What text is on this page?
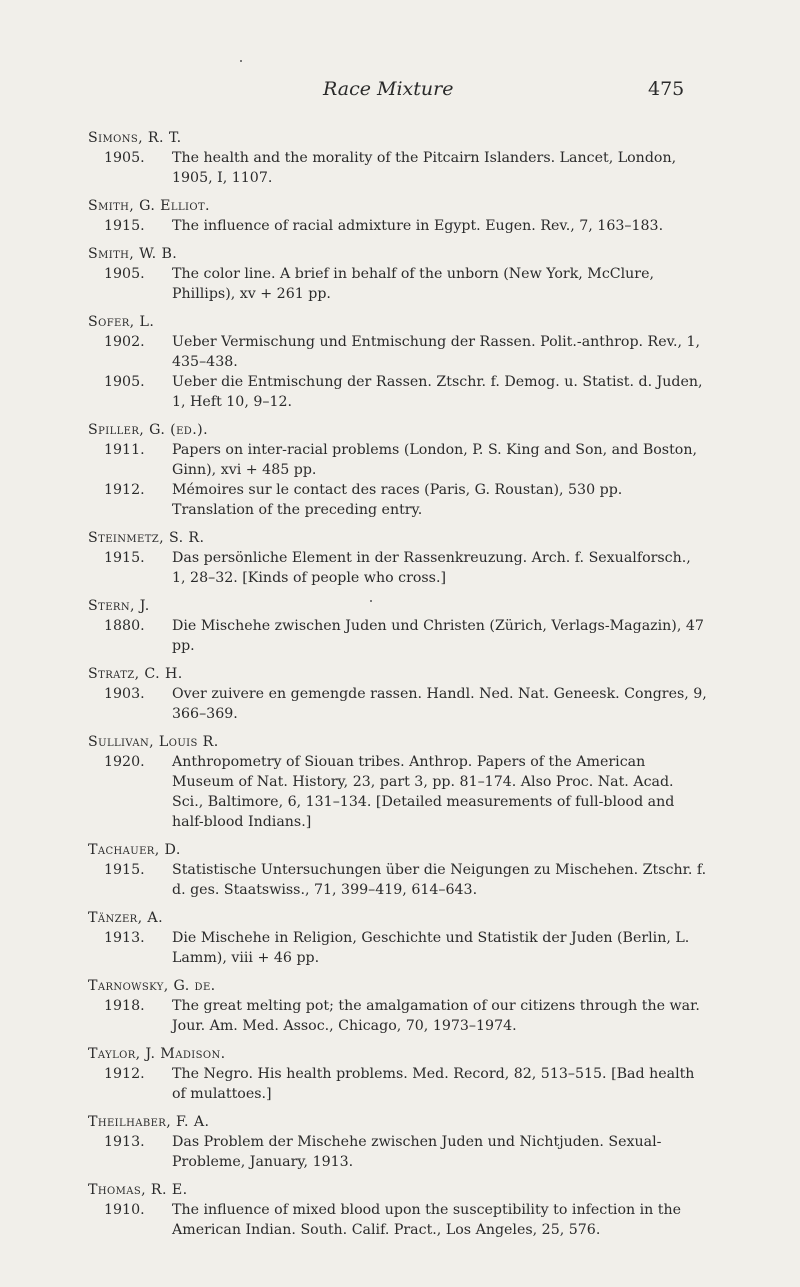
Race Mixture	475
Simons, R. T.
1905. The health and the morality of the Pitcairn Islanders. Lancet, London, 1905, I, 1107.
Smith, G. Elliot.
1915. The influence of racial admixture in Egypt. Eugen. Rev., 7, 163–183.
Smith, W. B.
1905. The color line. A brief in behalf of the unborn (New York, McClure, Phillips), xv + 261 pp.
Sofer, L.
1902. Ueber Vermischung und Entmischung der Rassen. Polit.-anthrop. Rev., 1, 435–438.
1905. Ueber die Entmischung der Rassen. Ztschr. f. Demog. u. Statist. d. Juden, 1, Heft 10, 9–12.
Spiller, G. (ed.).
1911. Papers on inter-racial problems (London, P. S. King and Son, and Boston, Ginn), xvi + 485 pp.
1912. Mémoires sur le contact des races (Paris, G. Roustan), 530 pp. Translation of the preceding entry.
Steinmetz, S. R.
1915. Das persönliche Element in der Rassenkreuzung. Arch. f. Sexualforsch., 1, 28–32. [Kinds of people who cross.]
Stern, J.
1880. Die Mischehe zwischen Juden und Christen (Zürich, Verlags-Magazin), 47 pp.
Stratz, C. H.
1903. Over zuivere en gemengde rassen. Handl. Ned. Nat. Geneesk. Congres, 9, 366–369.
Sullivan, Louis R.
1920. Anthropometry of Siouan tribes. Anthrop. Papers of the American Museum of Nat. History, 23, part 3, pp. 81–174. Also Proc. Nat. Acad. Sci., Baltimore, 6, 131–134. [Detailed measurements of full-blood and half-blood Indians.]
Tachauer, D.
1915. Statistische Untersuchungen über die Neigungen zu Mischehen. Ztschr. f. d. ges. Staatswiss., 71, 399–419, 614–643.
Tänzer, A.
1913. Die Mischehe in Religion, Geschichte und Statistik der Juden (Berlin, L. Lamm), viii + 46 pp.
Tarnowsky, G. de.
1918. The great melting pot; the amalgamation of our citizens through the war. Jour. Am. Med. Assoc., Chicago, 70, 1973–1974.
Taylor, J. Madison.
1912. The Negro. His health problems. Med. Record, 82, 513–515. [Bad health of mulattoes.]
Theilhaber, F. A.
1913. Das Problem der Mischehe zwischen Juden und Nichtjuden. Sexual-Probleme, January, 1913.
Thomas, R. E.
1910. The influence of mixed blood upon the susceptibility to infection in the American Indian. South. Calif. Pract., Los Angeles, 25, 576.
